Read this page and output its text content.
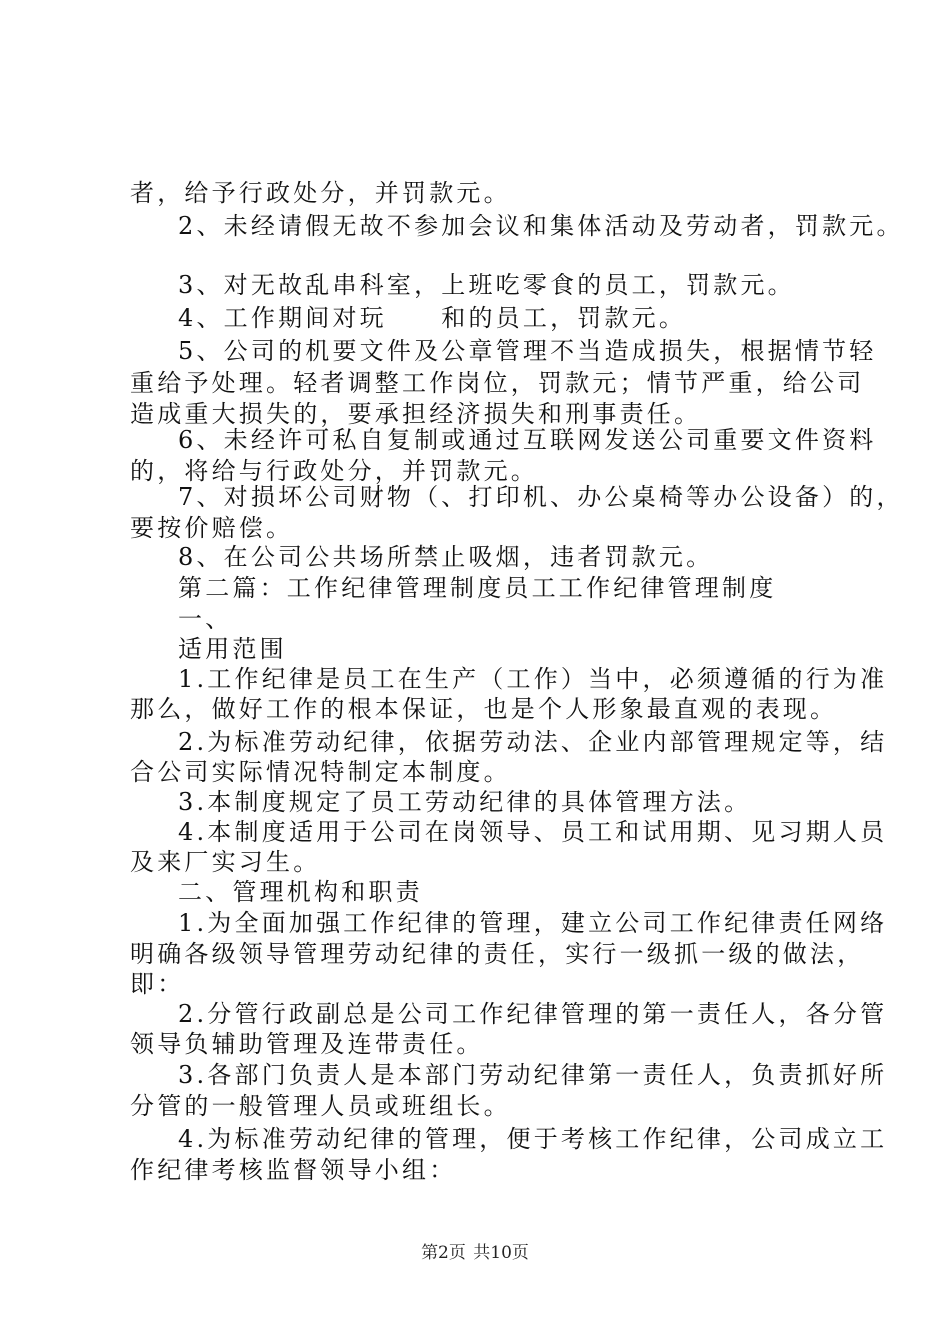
者，给予行政处分，并罚款元。
2、未经请假无故不参加会议和集体活动及劳动者，罚款元。
3、对无故乱串科室，上班吃零食的员工，罚款元。
4、工作期间对玩　　和的员工，罚款元。
5、公司的机要文件及公章管理不当造成损失，根据情节轻
重给予处理。轻者调整工作岗位，罚款元；情节严重，给公司
造成重大损失的，要承担经济损失和刑事责任。
6、未经许可私自复制或通过互联网发送公司重要文件资料
的，将给与行政处分，并罚款元。
7、对损坏公司财物（、打印机、办公桌椅等办公设备）的，
要按价赔偿。
8、在公司公共场所禁止吸烟，违者罚款元。
第二篇：工作纪律管理制度员工工作纪律管理制度
一、
适用范围
1.工作纪律是员工在生产（工作）当中，必须遵循的行为准
那么，做好工作的根本保证，也是个人形象最直观的表现。
2.为标准劳动纪律，依据劳动法、企业内部管理规定等，结
合公司实际情况特制定本制度。
3.本制度规定了员工劳动纪律的具体管理方法。
4.本制度适用于公司在岗领导、员工和试用期、见习期人员
及来厂实习生。
二、管理机构和职责
1.为全面加强工作纪律的管理，建立公司工作纪律责任网络
明确各级领导管理劳动纪律的责任，实行一级抓一级的做法，
即：
2.分管行政副总是公司工作纪律管理的第一责任人，各分管
领导负辅助管理及连带责任。
3.各部门负责人是本部门劳动纪律第一责任人，负责抓好所
分管的一般管理人员或班组长。
4.为标准劳动纪律的管理，便于考核工作纪律，公司成立工
作纪律考核监督领导小组：
第2页 共10页
